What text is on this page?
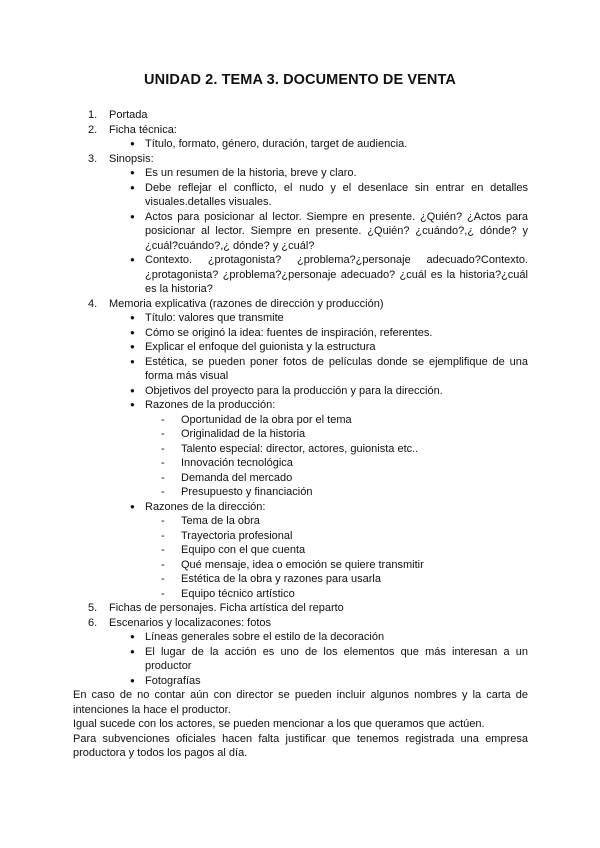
UNIDAD 2. TEMA 3. DOCUMENTO DE VENTA
1.	Portada
2.	Ficha técnica:
● Título, formato, género, duración, target de audiencia.
3.	Sinopsis:
● Es un resumen de la historia, breve y claro.
● Debe reflejar el conflicto, el nudo y el desenlace sin entrar en detalles visuales.detalles visuales.
● Actos para posicionar al lector. Siempre en presente. ¿Quién? ¿Actos para posicionar al lector. Siempre en presente. ¿Quién? ¿cuándo?,¿ dónde? y ¿cuál?cuándo?,¿ dónde? y ¿cuál?
● Contexto. ¿protagonista? ¿problema?¿personaje adecuado?Contexto. ¿protagonista? ¿problema?¿personaje adecuado? ¿cuál es la historia?¿cuál es la historia?
4.	Memoria explicativa (razones de dirección y producción)
● Título: valores que transmite
● Cómo se originó la idea: fuentes de inspiración, referentes.
● Explicar el enfoque del guionista y la estructura
● Estética, se pueden poner fotos de películas donde se ejemplifique de una forma más visual
● Objetivos del proyecto para la producción y para la dirección.
● Razones de la producción:
- Oportunidad de la obra por el tema
- Originalidad de la historia
- Talento especial: director, actores, guionista etc..
- Innovación tecnológica
- Demanda del mercado
- Presupuesto y financiación
● Razones de la dirección:
- Tema de la obra
- Trayectoria profesional
- Equipo con el que cuenta
- Qué mensaje, idea o emoción se quiere transmitir
- Estética de la obra y razones para usarla
- Equipo técnico artístico
5.	Fichas de personajes. Ficha artística del reparto
6.	Escenarios y localizacones: fotos
● Líneas generales sobre el estilo de la decoración
● El lugar de la acción es uno de los elementos que más interesan a un productor
● Fotografías
En caso de no contar aún con director se pueden incluir algunos nombres y la carta de intenciones la hace el productor.
Igual sucede con los actores, se pueden mencionar a los que queramos que actúen.
Para subvenciones oficiales hacen falta justificar que tenemos registrada una empresa productora y todos los pagos al día.
